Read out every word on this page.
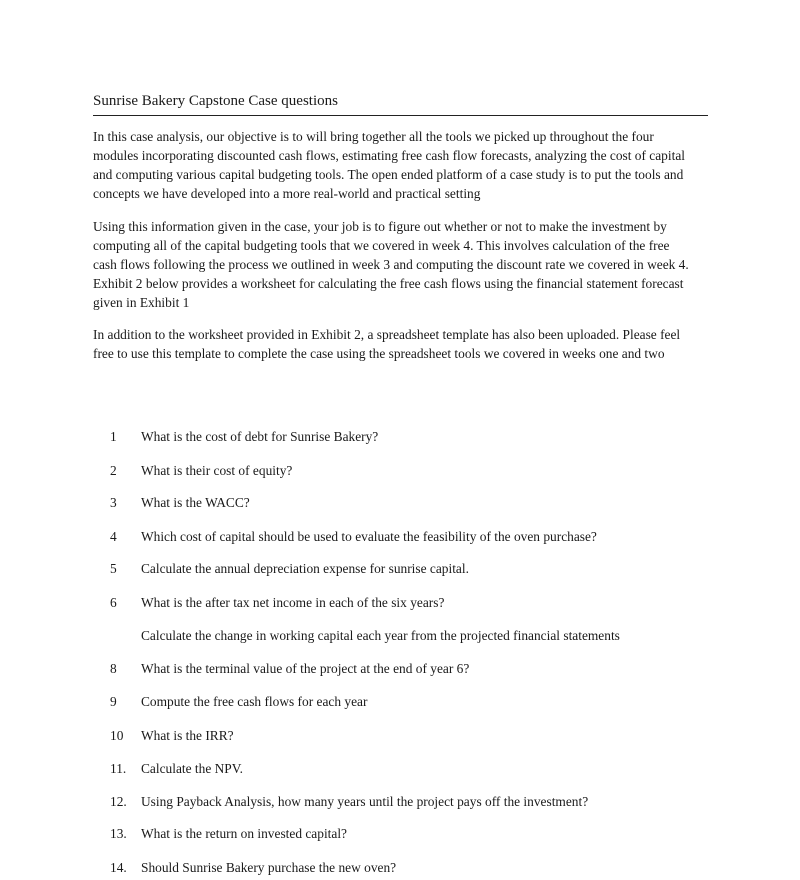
Sunrise Bakery Capstone Case questions

In this case analysis, our objective is to will bring together all the tools we picked up throughout the four modules incorporating discounted cash flows, estimating free cash flow forecasts, analyzing the cost of capital and computing various capital budgeting tools. The open ended platform of a case study is to put the tools and concepts we have developed into a more real-world and practical setting

Using this information given in the case, your job is to figure out whether or not to make the investment by computing all of the capital budgeting tools that we covered in week 4. This involves calculation of the free cash flows following the process we outlined in week 3 and computing the discount rate we covered in week 4. Exhibit 2 below provides a worksheet for calculating the free cash flows using the financial statement forecast given in Exhibit 1

In addition to the worksheet provided in Exhibit 2, a spreadsheet template has also been uploaded. Please feel free to use this template to complete the case using the spreadsheet tools we covered in weeks one and two

1	What is the cost of debt for Sunrise Bakery?
2	What is their cost of equity?
3	What is the WACC?
4	Which cost of capital should be used to evaluate the feasibility of the oven purchase?
5	Calculate the annual depreciation expense for sunrise capital.
6	What is the after tax net income in each of the six years?
Calculate the change in working capital each year from the projected financial statements
8	What is the terminal value of the project at the end of year 6?
9	Compute the free cash flows for each year
10	What is the IRR?
11. Calculate the NPV.
12. Using Payback Analysis, how many years until the project pays off the investment?
13. What is the return on invested capital?
14. Should Sunrise Bakery purchase the new oven?
